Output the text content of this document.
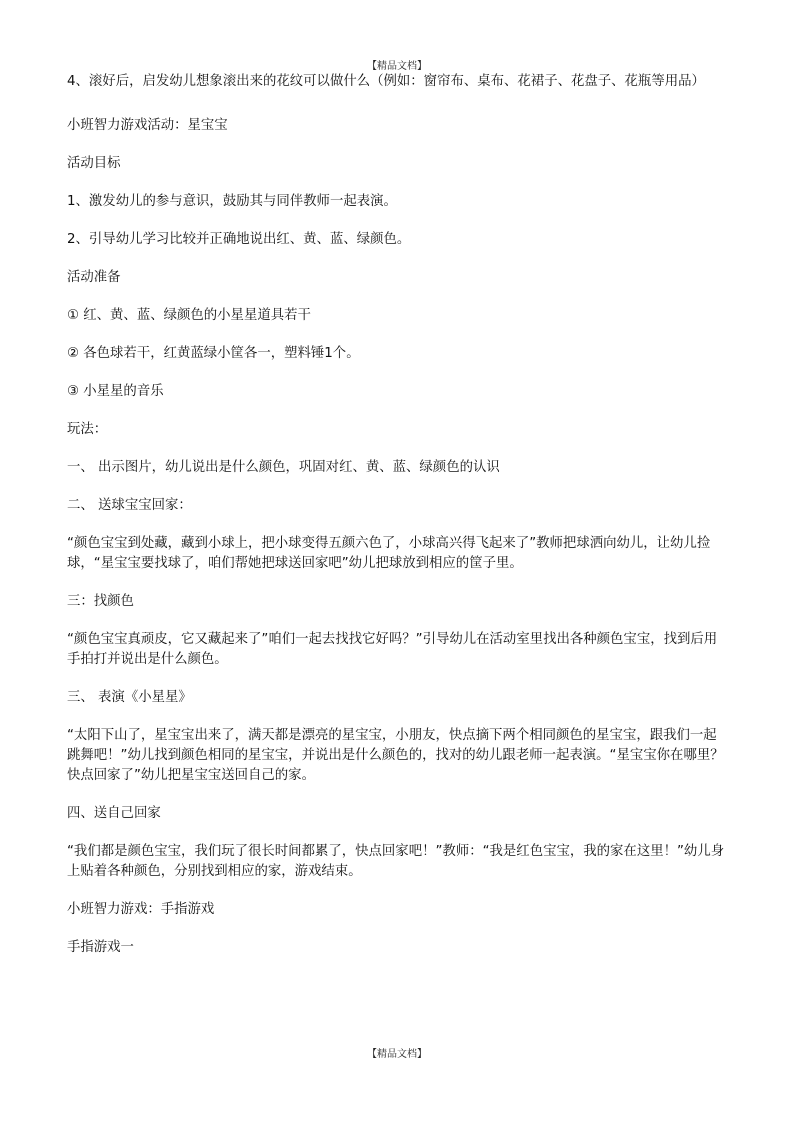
【精品文档】

4、滚好后，启发幼儿想象滚出来的花纹可以做什么（例如：窗帘布、桌布、花裙子、花盘子、花瓶等用品）

小班智力游戏活动：星宝宝

活动目标

1、激发幼儿的参与意识，鼓励其与同伴教师一起表演。

2、引导幼儿学习比较并正确地说出红、黄、蓝、绿颜色。

活动准备

① 红、黄、蓝、绿颜色的小星星道具若干

② 各色球若干，红黄蓝绿小筐各一，塑料锤1个。

③ 小星星的音乐

玩法：

一、 出示图片，幼儿说出是什么颜色，巩固对红、黄、蓝、绿颜色的认识

二、 送球宝宝回家：

“颜色宝宝到处藏，藏到小球上，把小球变得五颜六色了，小球高兴得飞起来了”教师把球洒向幼儿，让幼儿捡球，“星宝宝要找球了，咱们帮她把球送回家吧”幼儿把球放到相应的筐子里。

三：找颜色

“颜色宝宝真顽皮，它又藏起来了”咱们一起去找找它好吗？”引导幼儿在活动室里找出各种颜色宝宝，找到后用手拍打并说出是什么颜色。

三、 表演《小星星》

“太阳下山了，星宝宝出来了，满天都是漂亮的星宝宝，小朋友，快点摘下两个相同颜色的星宝宝，跟我们一起跳舞吧！”幼儿找到颜色相同的星宝宝，并说出是什么颜色的，找对的幼儿跟老师一起表演。“星宝宝你在哪里？快点回家了”幼儿把星宝宝送回自己的家。

四、送自己回家

“我们都是颜色宝宝，我们玩了很长时间都累了，快点回家吧！”教师：“我是红色宝宝，我的家在这里！”幼儿身上贴着各种颜色，分别找到相应的家，游戏结束。

小班智力游戏：手指游戏

手指游戏一

【精品文档】
